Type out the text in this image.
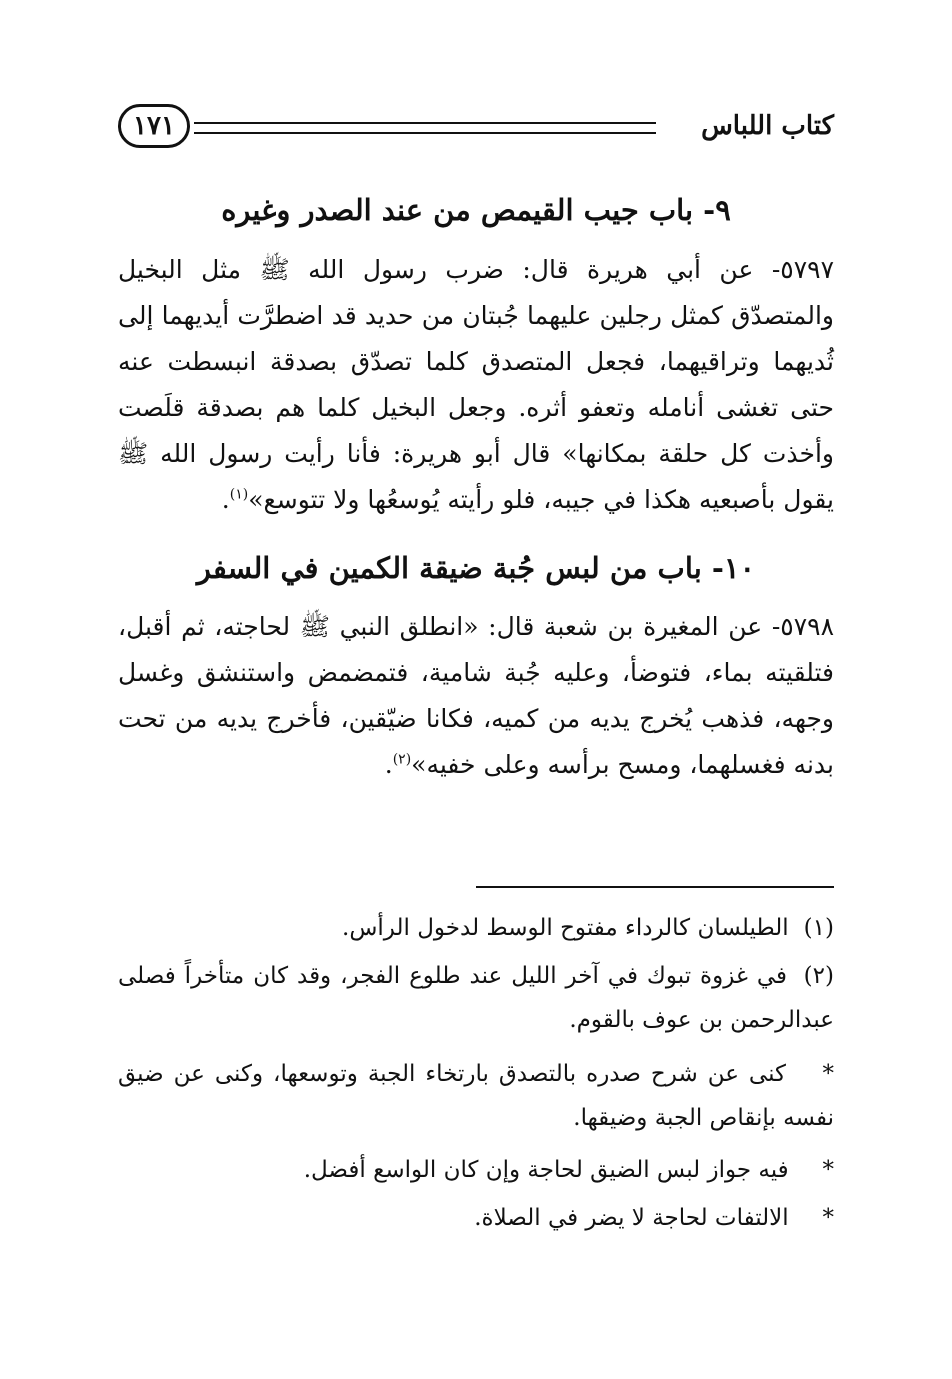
١٧١	كتاب اللباس
٩- باب جيب القيمص من عند الصدر وغيره
٥٧٩٧- عن أبي هريرة قال: ضرب رسول الله ﷺ مثل البخيل والمتصدّق كمثل رجلين عليهما جُبتان من حديد قد اضطرَّت أيديهما إلى ثُديهما وتراقيهما، فجعل المتصدق كلما تصدّق بصدقة انبسطت عنه حتى تغشى أنامله وتعفو أثره. وجعل البخيل كلما هم بصدقة قلَصت وأخذت كل حلقة بمكانها» قال أبو هريرة: فأنا رأيت رسول الله ﷺ يقول بأصبعيه هكذا في جيبه، فلو رأيته يُوسعُها ولا تتوسع»$^{(١)}$.
١٠- باب من لبس جُبة ضيقة الكمين في السفر
٥٧٩٨- عن المغيرة بن شعبة قال: «انطلق النبي ﷺ لحاجته، ثم أقبل، فتلقيته بماء، فتوضأ، وعليه جُبة شامية، فتمضمض واستنشق وغسل وجهه، فذهب يُخرج يديه من كميه، فكانا ضيّقين، فأخرج يديه من تحت بدنه فغسلهما، ومسح برأسه وعلى خفيه»$^{(٢)}$.
(١) الطيلسان كالرداء مفتوح الوسط لدخول الرأس.
(٢) في غزوة تبوك في آخر الليل عند طلوع الفجر، وقد كان متأخراً فصلى عبدالرحمن بن عوف بالقوم.
* كنى عن شرح صدره بالتصدق بارتخاء الجبة وتوسعها، وكنى عن ضيق نفسه بإنقاص الجبة وضيقها.
* فيه جواز لبس الضيق لحاجة وإن كان الواسع أفضل.
* الالتفات لحاجة لا يضر في الصلاة.
